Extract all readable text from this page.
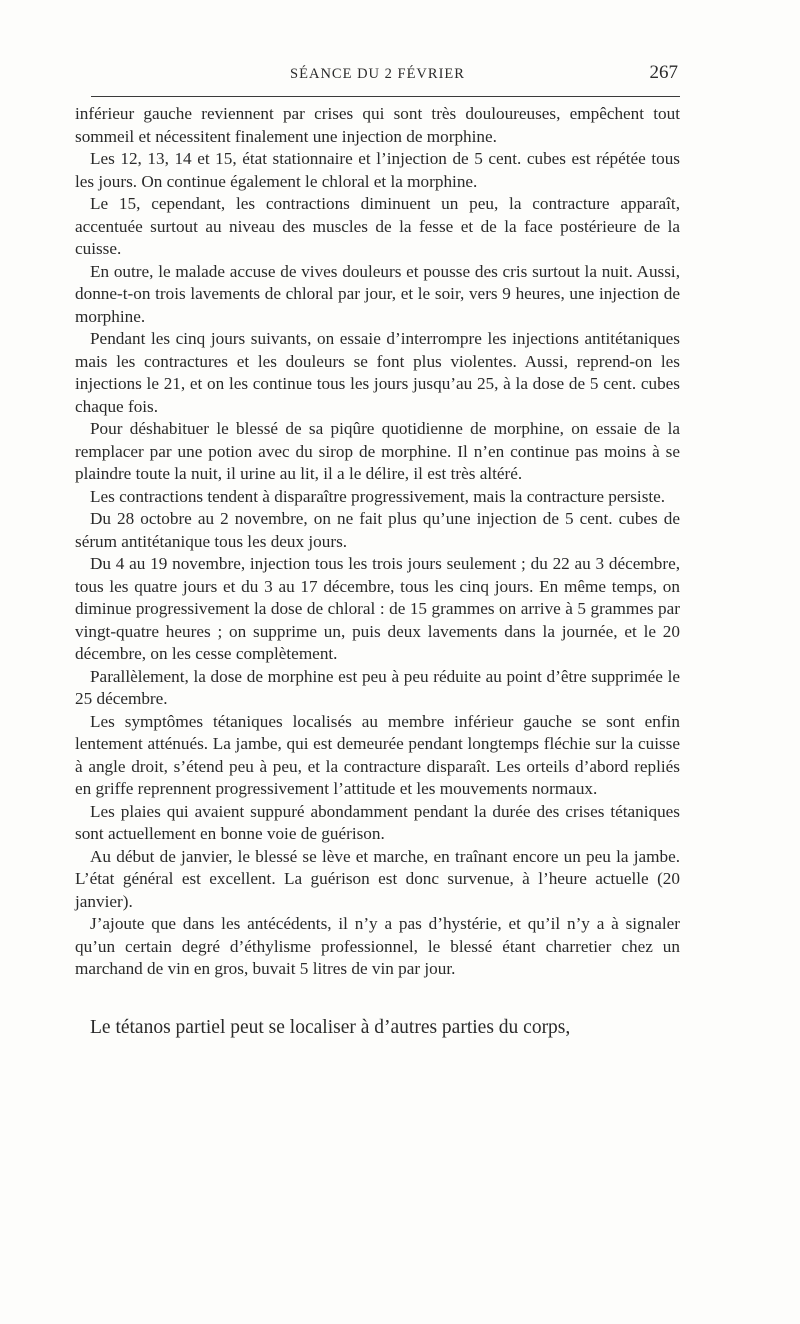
SÉANCE DU 2 FÉVRIER	267

inférieur gauche reviennent par crises qui sont très douloureuses, empêchent tout sommeil et nécessitent finalement une injection de morphine.

Les 12, 13, 14 et 15, état stationnaire et l’injection de 5 cent. cubes est répétée tous les jours. On continue également le chloral et la morphine.

Le 15, cependant, les contractions diminuent un peu, la contracture apparaît, accentuée surtout au niveau des muscles de la fesse et de la face postérieure de la cuisse.

En outre, le malade accuse de vives douleurs et pousse des cris surtout la nuit. Aussi, donne-t-on trois lavements de chloral par jour, et le soir, vers 9 heures, une injection de morphine.

Pendant les cinq jours suivants, on essaie d’interrompre les injections antitétaniques mais les contractures et les douleurs se font plus violentes. Aussi, reprend-on les injections le 21, et on les continue tous les jours jusqu’au 25, à la dose de 5 cent. cubes chaque fois.

Pour déshabituer le blessé de sa piqûre quotidienne de morphine, on essaie de la remplacer par une potion avec du sirop de morphine. Il n’en continue pas moins à se plaindre toute la nuit, il urine au lit, il a le délire, il est très altéré.

Les contractions tendent à disparaître progressivement, mais la contracture persiste.

Du 28 octobre au 2 novembre, on ne fait plus qu’une injection de 5 cent. cubes de sérum antitétanique tous les deux jours.

Du 4 au 19 novembre, injection tous les trois jours seulement ; du 22 au 3 décembre, tous les quatre jours et du 3 au 17 décembre, tous les cinq jours. En même temps, on diminue progressivement la dose de chloral : de 15 grammes on arrive à 5 grammes par vingt-quatre heures ; on supprime un, puis deux lavements dans la journée, et le 20 décembre, on les cesse complètement.

Parallèlement, la dose de morphine est peu à peu réduite au point d’être supprimée le 25 décembre.

Les symptômes tétaniques localisés au membre inférieur gauche se sont enfin lentement atténués. La jambe, qui est demeurée pendant longtemps fléchie sur la cuisse à angle droit, s’étend peu à peu, et la contracture disparaît. Les orteils d’abord repliés en griffe reprennent progressivement l’attitude et les mouvements normaux.

Les plaies qui avaient suppuré abondamment pendant la durée des crises tétaniques sont actuellement en bonne voie de guérison.

Au début de janvier, le blessé se lève et marche, en traînant encore un peu la jambe. L’état général est excellent. La guérison est donc survenue, à l’heure actuelle (20 janvier).

J’ajoute que dans les antécédents, il n’y a pas d’hystérie, et qu’il n’y a à signaler qu’un certain degré d’éthylisme professionnel, le blessé étant charretier chez un marchand de vin en gros, buvait 5 litres de vin par jour.

Le tétanos partiel peut se localiser à d’autres parties du corps,
